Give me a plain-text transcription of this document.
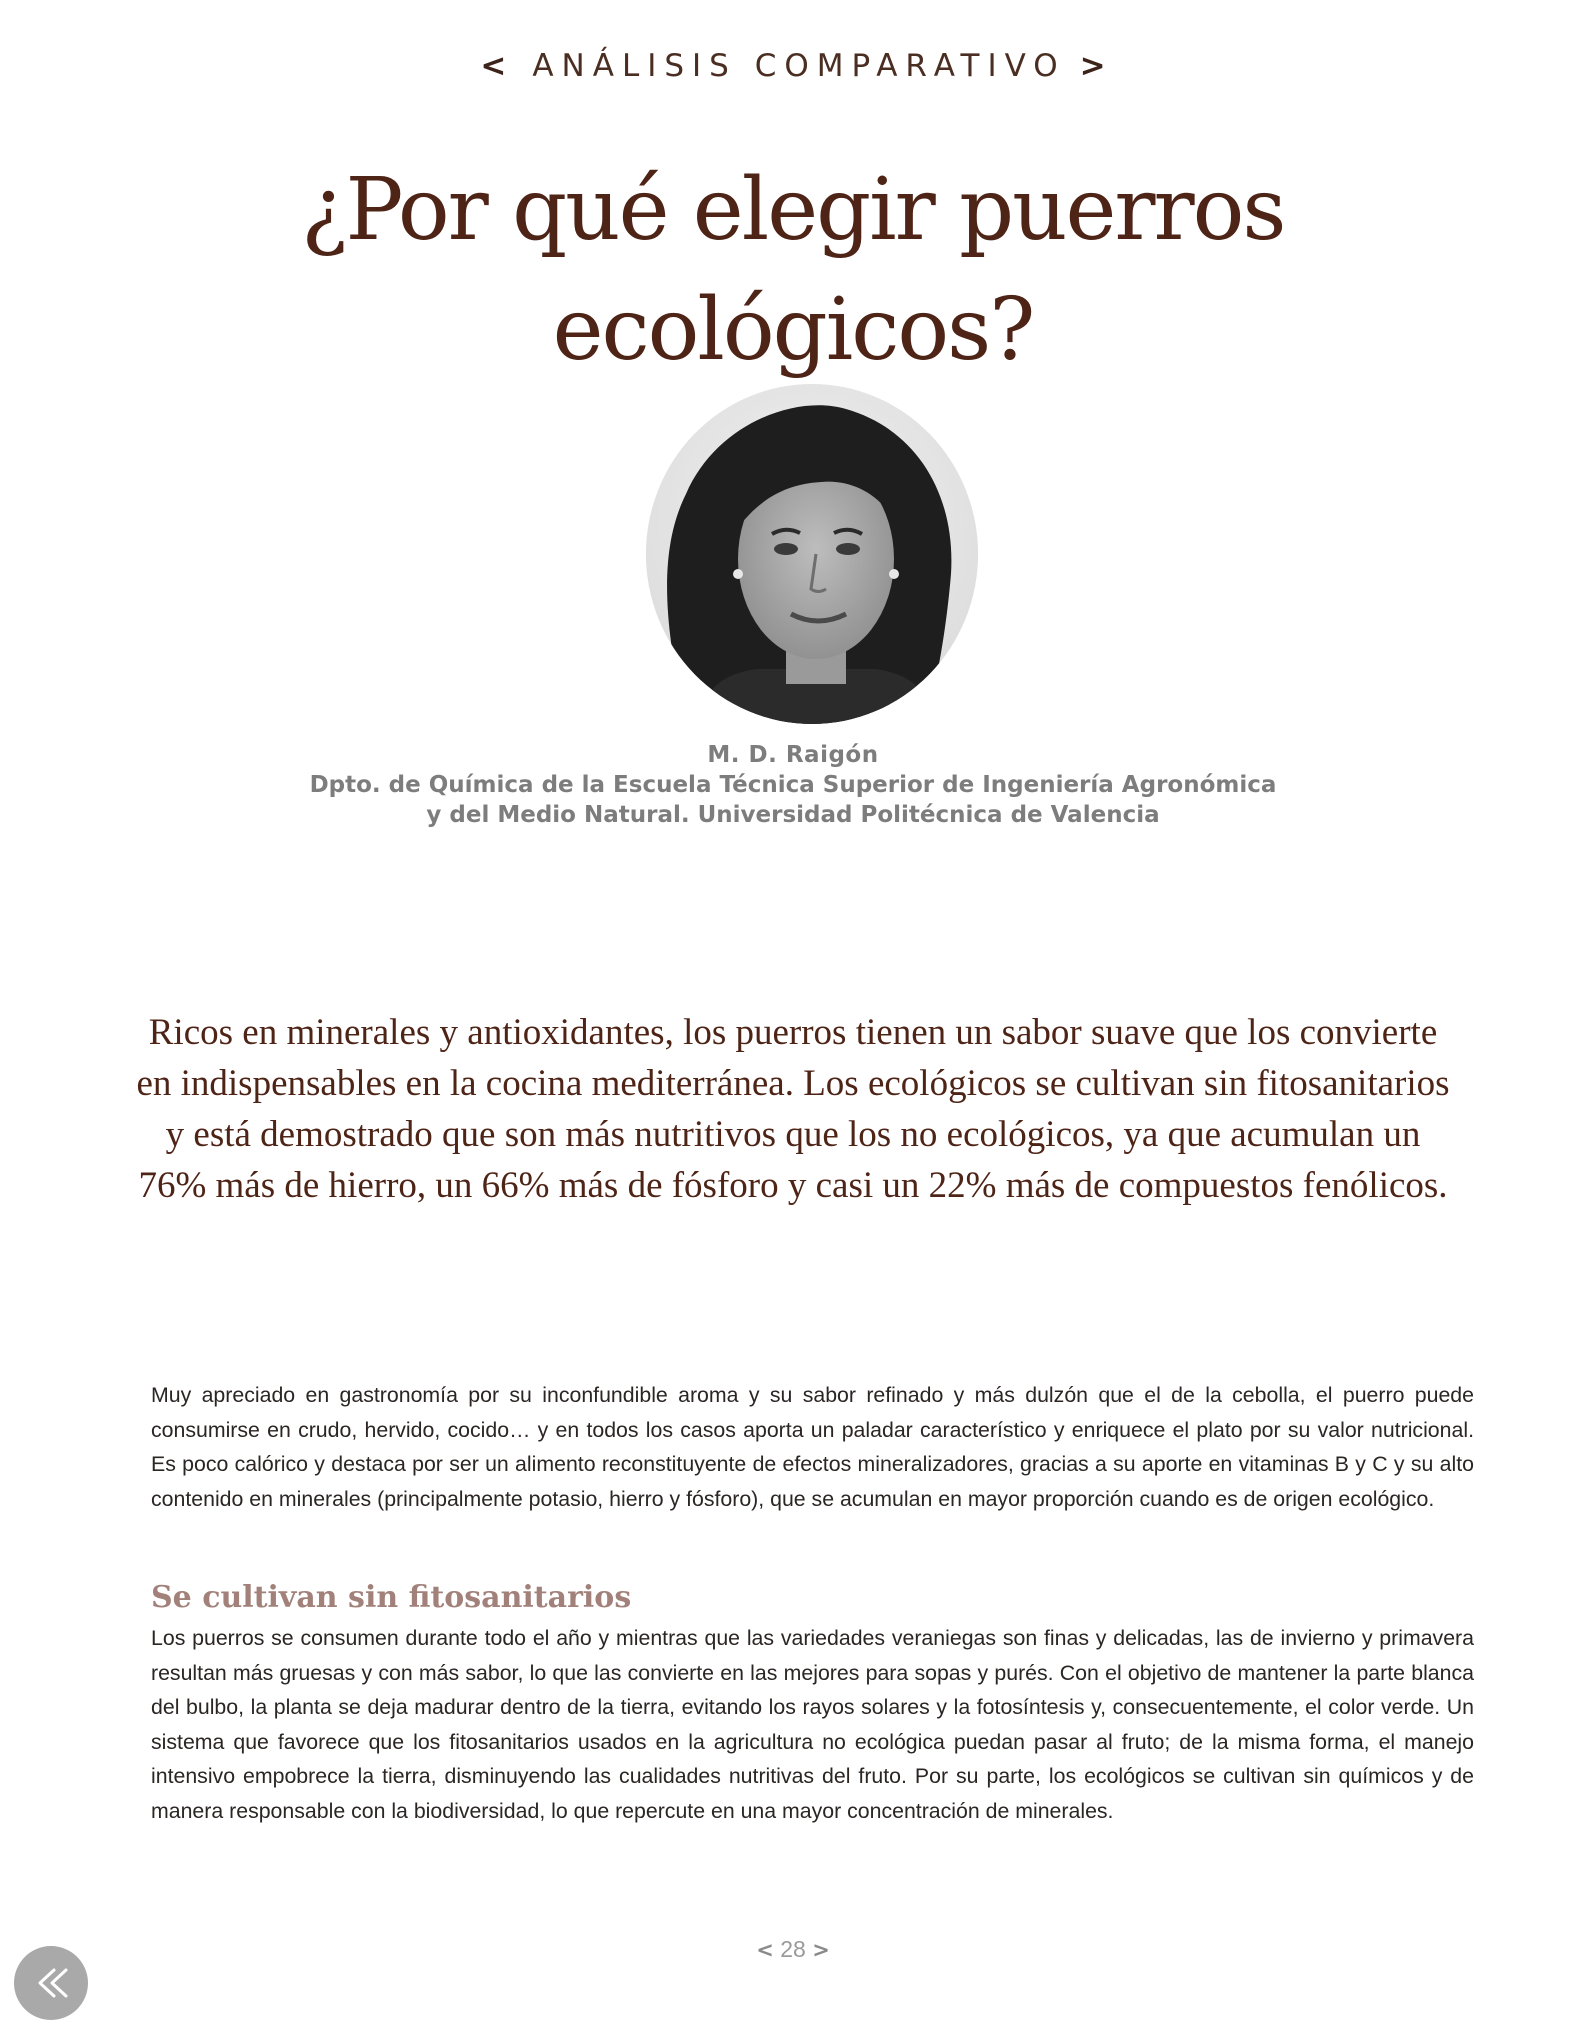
< ANÁLISIS COMPARATIVO >
¿Por qué elegir puerros
ecológicos?
M. D. Raigón
Dpto. de Química de la Escuela Técnica Superior de Ingeniería Agronómica
y del Medio Natural. Universidad Politécnica de Valencia
Ricos en minerales y antioxidantes, los puerros tienen un sabor suave que los convierte en indispensables en la cocina mediterránea. Los ecológicos se cultivan sin fitosanitarios y está demostrado que son más nutritivos que los no ecológicos, ya que acumulan un 76% más de hierro, un 66% más de fósforo y casi un 22% más de compuestos fenólicos.

Muy apreciado en gastronomía por su inconfundible aroma y su sabor refinado y más dulzón que el de la cebolla, el puerro puede consumirse en crudo, hervido, cocido… y en todos los casos aporta un paladar característico y enriquece el plato por su valor nutricional. Es poco calórico y destaca por ser un alimento reconstituyente de efectos mineralizadores, gracias a su aporte en vitaminas B y C y su alto contenido en minerales (principalmente potasio, hierro y fósforo), que se acumulan en mayor proporción cuando es de origen ecológico.

Se cultivan sin fitosanitarios

Los puerros se consumen durante todo el año y mientras que las variedades veraniegas son finas y delicadas, las de invierno y primavera resultan más gruesas y con más sabor, lo que las convierte en las mejores para sopas y purés. Con el objetivo de mantener la parte blanca del bulbo, la planta se deja madurar dentro de la tierra, evitando los rayos solares y la fotosíntesis y, consecuentemente, el color verde. Un sistema que favorece que los fitosanitarios usados en la agricultura no ecológica puedan pasar al fruto; de la misma forma, el manejo intensivo empobrece la tierra, disminuyendo las cualidades nutritivas del fruto. Por su parte, los ecológicos se cultivan sin químicos y de manera responsable con la biodiversidad, lo que repercute en una mayor concentración de minerales.

< 28 >
